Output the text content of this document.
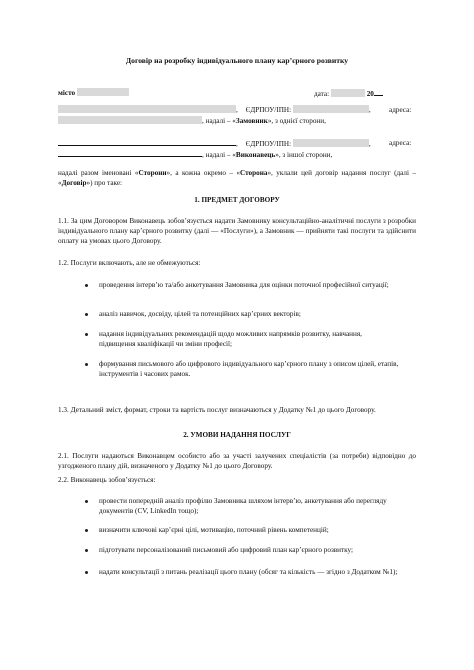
Договір на розробку індивідуального плану кар’єрного розвитку
місто	дата:	20
, ЄДРПОУ/ІПН:	,	адреса:
, надалі – «Замовник», з однієї сторони,
, ЄДРПОУ/ІПН:	,	адреса:
, надалі – «Виконавець», з іншої сторони,
надалі разом іменовані «Сторони», а кожна окремо – «Сторона», уклали цей договір надання послуг (далі – «Договір») про таке:
1. ПРЕДМЕТ ДОГОВОРУ
1.1. За цим Договором Виконавець зобов’язується надати Замовнику консультаційно-аналітичні послуги з розробки індивідуального плану кар’єрного розвитку (далі — «Послуги»), а Замовник — прийняти такі послуги та здійснити оплату на умовах цього Договору.
1.2. Послуги включають, але не обмежуються:
проведення інтерв’ю та/або анкетування Замовника для оцінки поточної професійної ситуації;
аналіз навичок, досвіду, цілей та потенційних кар’єрних векторів;
надання індивідуальних рекомендацій щодо можливих напрямків розвитку, навчання, підвищення кваліфікації чи зміни професії;
формування письмового або цифрового індивідуального кар’єрного плану з описом цілей, етапів, інструментів і часових рамок.
1.3. Детальний зміст, формат, строки та вартість послуг визначаються у Додатку №1 до цього Договору.
2. УМОВИ НАДАННЯ ПОСЛУГ
2.1. Послуги надаються Виконавцем особисто або за участі залучених спеціалістів (за потреби) відповідно до узгодженого плану дій, визначеного у Додатку №1 до цього Договору.
2.2. Виконавець зобов’язується:
провести попередній аналіз профілю Замовника шляхом інтерв’ю, анкетування або перегляду документів (CV, LinkedIn тощо);
визначити ключові кар’єрні цілі, мотивацію, поточний рівень компетенцій;
підготувати персоналізований письмовий або цифровий план кар’єрного розвитку;
надати консультації з питань реалізації цього плану (обсяг та кількість — згідно з Додатком №1);
